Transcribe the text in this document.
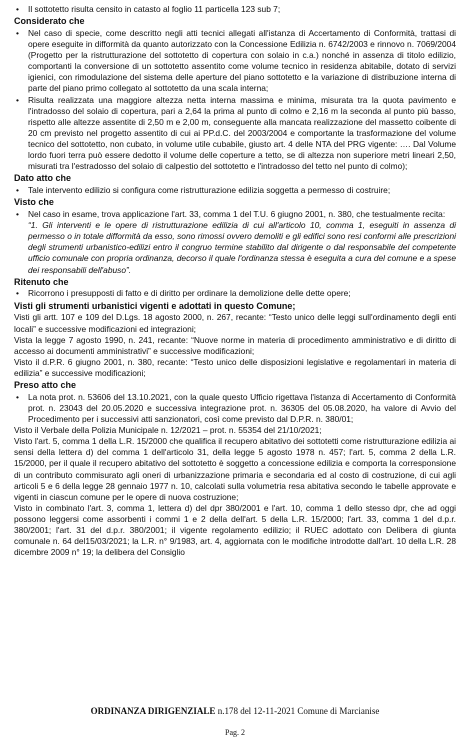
• Il sottotetto risulta censito in catasto al foglio 11 particella 123 sub 7;
Considerato che
• Nel caso di specie, come descritto negli atti tecnici allegati all'istanza di Accertamento di Conformità, trattasi di opere eseguite in difformità da quanto autorizzato con la Concessione Edilizia n. 6742/2003 e rinnovo n. 7069/2004 (Progetto per la ristrutturazione del sottotetto di copertura con solaio in c.a.) nonché in assenza di titolo edilizio, comportanti la conversione di un sottotetto assentito come volume tecnico in residenza abitabile, dotato di servizi igienici, con rimodulazione del sistema delle aperture del piano sottotetto e la variazione di distribuzione interna di parte del piano primo collegato al sottotetto da una scala interna;
• Risulta realizzata una maggiore altezza netta interna massima e minima, misurata tra la quota pavimento e l'intradosso del solaio di copertura, pari a 2,64 la prima al punto di colmo e 2,16 m la seconda al punto più basso, rispetto alle altezze assentite di 2,50 m e 2,00 m, conseguente alla mancata realizzazione del massetto coibente di 20 cm previsto nel progetto assentito di cui ai PP.d.C. del 2003/2004 e comportante la trasformazione del volume tecnico del sottotetto, non cubato, in volume utile cubabile, giusto art. 4 delle NTA del PRG vigente: …. Dal Volume lordo fuori terra può essere dedotto il volume delle coperture a tetto, se di altezza non superiore metri lineari 2,50, misurati tra l'estradosso del solaio di calpestio del sottotetto e l'intradosso del tetto nel punto di colmo);
Dato atto che
• Tale intervento edilizio si configura come ristrutturazione edilizia soggetta a permesso di costruire;
Visto che
• Nel caso in esame, trova applicazione l'art. 33, comma 1 del T.U. 6 giugno 2001, n. 380, che testualmente recita:
“1. Gli interventi e le opere di ristrutturazione edilizia di cui all'articolo 10, comma 1, eseguiti in assenza di permesso o in totale difformità da esso, sono rimossi ovvero demoliti e gli edifici sono resi conformi alle prescrizioni degli strumenti urbanistico-edilizi entro il congruo termine stabilito dal dirigente o dal responsabile del competente ufficio comunale con propria ordinanza, decorso il quale l'ordinanza stessa è eseguita a cura del comune e a spese dei responsabili dell'abuso”.
Ritenuto che
• Ricorrono i presupposti di fatto e di diritto per ordinare la demolizione delle dette opere;
Visti gli strumenti urbanistici vigenti e adottati in questo Comune;
Visti gli artt. 107 e 109 del D.Lgs. 18 agosto 2000, n. 267, recante: “Testo unico delle leggi sull'ordinamento degli enti locali” e successive modificazioni ed integrazioni;
Vista la legge 7 agosto 1990, n. 241, recante: “Nuove norme in materia di procedimento amministrativo e di diritto di accesso ai documenti amministrativi” e successive modificazioni;
Visto il d.P.R. 6 giugno 2001, n. 380, recante: “Testo unico delle disposizioni legislative e regolamentari in materia di edilizia” e successive modificazioni;
Preso atto che
• La nota prot. n. 53606 del 13.10.2021, con la quale questo Ufficio rigettava l'istanza di Accertamento di Conformità prot. n. 23043 del 20.05.2020 e successiva integrazione prot. n. 36305 del 05.08.2020, ha valore di Avvio del Procedimento per i successivi atti sanzionatori, così come previsto dal D.P.R. n. 380/01;
Visto il Verbale della Polizia Municipale n. 12/2021 – prot. n. 55354 del 21/10/2021;
Visto l'art. 5, comma 1 della L.R. 15/2000 che qualifica il recupero abitativo dei sottotetti come ristrutturazione edilizia ai sensi della lettera d) del comma 1 dell'articolo 31, della legge 5 agosto 1978 n. 457; l'art. 5, comma 2 della L.R. 15/2000, per il quale il recupero abitativo del sottotetto è soggetto a concessione edilizia e comporta la corresponsione di un contributo commisurato agli oneri di urbanizzazione primaria e secondaria ed al costo di costruzione, di cui agli articoli 5 e 6 della legge 28 gennaio 1977 n. 10, calcolati sulla volumetria resa abitativa secondo le tabelle approvate e vigenti in ciascun comune per le opere di nuova costruzione;
Visto in combinato l'art. 3, comma 1, lettera d) del dpr 380/2001 e l'art. 10, comma 1 dello stesso dpr, che ad oggi possono leggersi come assorbenti i commi 1 e 2 della dell'art. 5 della L.R. 15/2000; l'art. 33, comma 1 del d.p.r. 380/2001; l'art. 31 del d.p.r. 380/2001; il vigente regolamento edilizio; il RUEC adottato con Delibera di giunta comunale n. 64 del15/03/2021; la L.R. n° 9/1983, art. 4, aggiornata con le modifiche introdotte dall'art. 10 della L.R. 28 dicembre 2009 n° 19; la delibera del Consiglio
ORDINANZA DIRIGENZIALE n.178 del 12-11-2021 Comune di Marcianise
Pag. 2
